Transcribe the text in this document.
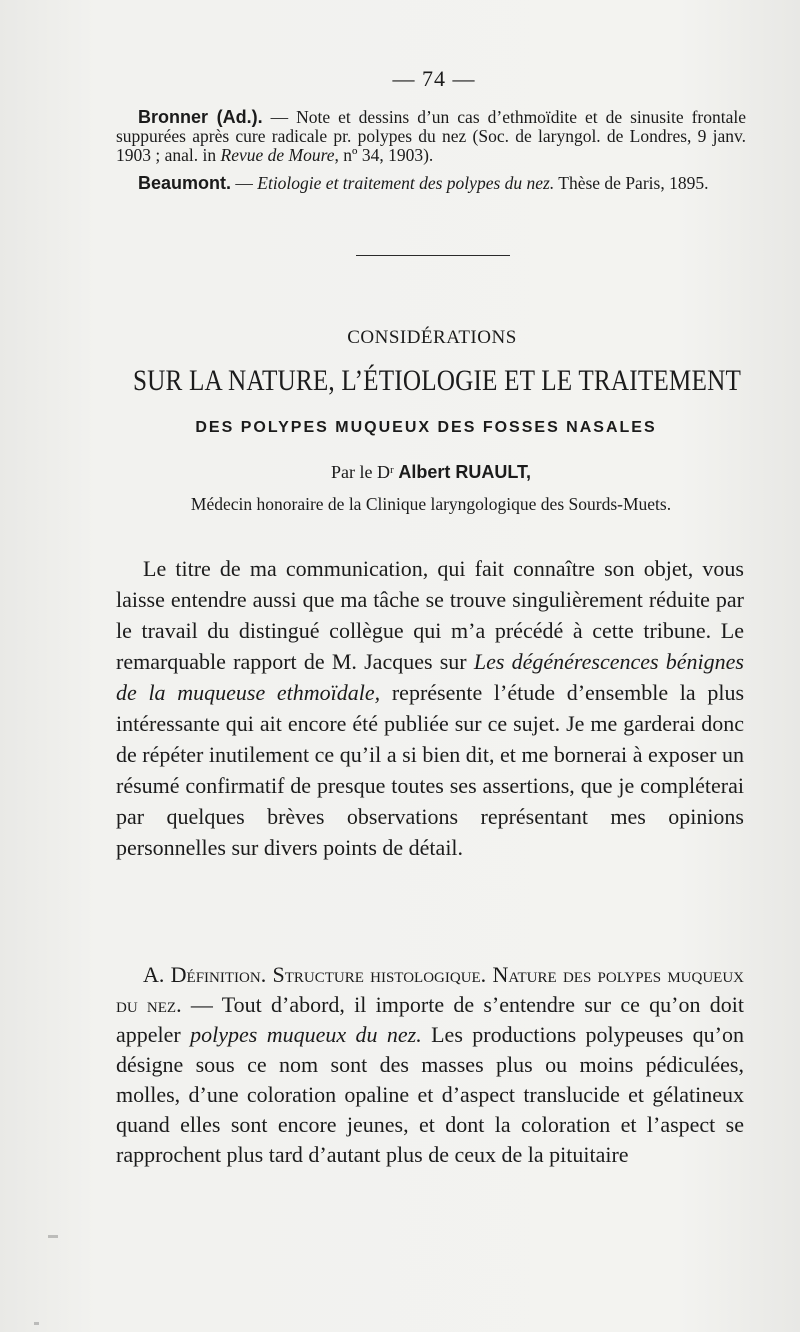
— 74 —

Bronner (Ad.). — Note et dessins d’un cas d’ethmoïdite et de sinusite frontale suppurées après cure radicale pr. polypes du nez (Soc. de laryngol. de Londres, 9 janv. 1903 ; anal. in Revue de Moure, nº 34, 1903).

Beaumont. — Etiologie et traitement des polypes du nez. Thèse de Paris, 1895.

CONSIDÉRATIONS
SUR LA NATURE, L’ÉTIOLOGIE ET LE TRAITEMENT
DES POLYPES MUQUEUX DES FOSSES NASALES
Par le Dʳ Albert RUAULT,
Médecin honoraire de la Clinique laryngologique des Sourds-Muets.

Le titre de ma communication, qui fait connaître son objet, vous laisse entendre aussi que ma tâche se trouve singulièrement réduite par le travail du distingué collègue qui m’a précédé à cette tribune. Le remarquable rapport de M. Jacques sur Les dégénérescences bénignes de la muqueuse ethmoïdale, représente l’étude d’ensemble la plus intéressante qui ait encore été publiée sur ce sujet. Je me garderai donc de répéter inutilement ce qu’il a si bien dit, et me bornerai à exposer un résumé confirmatif de presque toutes ses assertions, que je compléterai par quelques brèves observations représentant mes opinions personnelles sur divers points de détail.

A. Définition. Structure histologique. Nature des polypes muqueux du nez. — Tout d’abord, il importe de s’entendre sur ce qu’on doit appeler polypes muqueux du nez. Les productions polypeuses qu’on désigne sous ce nom sont des masses plus ou moins pédiculées, molles, d’une coloration opaline et d’aspect translucide et gélatineux quand elles sont encore jeunes, et dont la coloration et l’aspect se rapprochent plus tard d’autant plus de ceux de la pituitaire
